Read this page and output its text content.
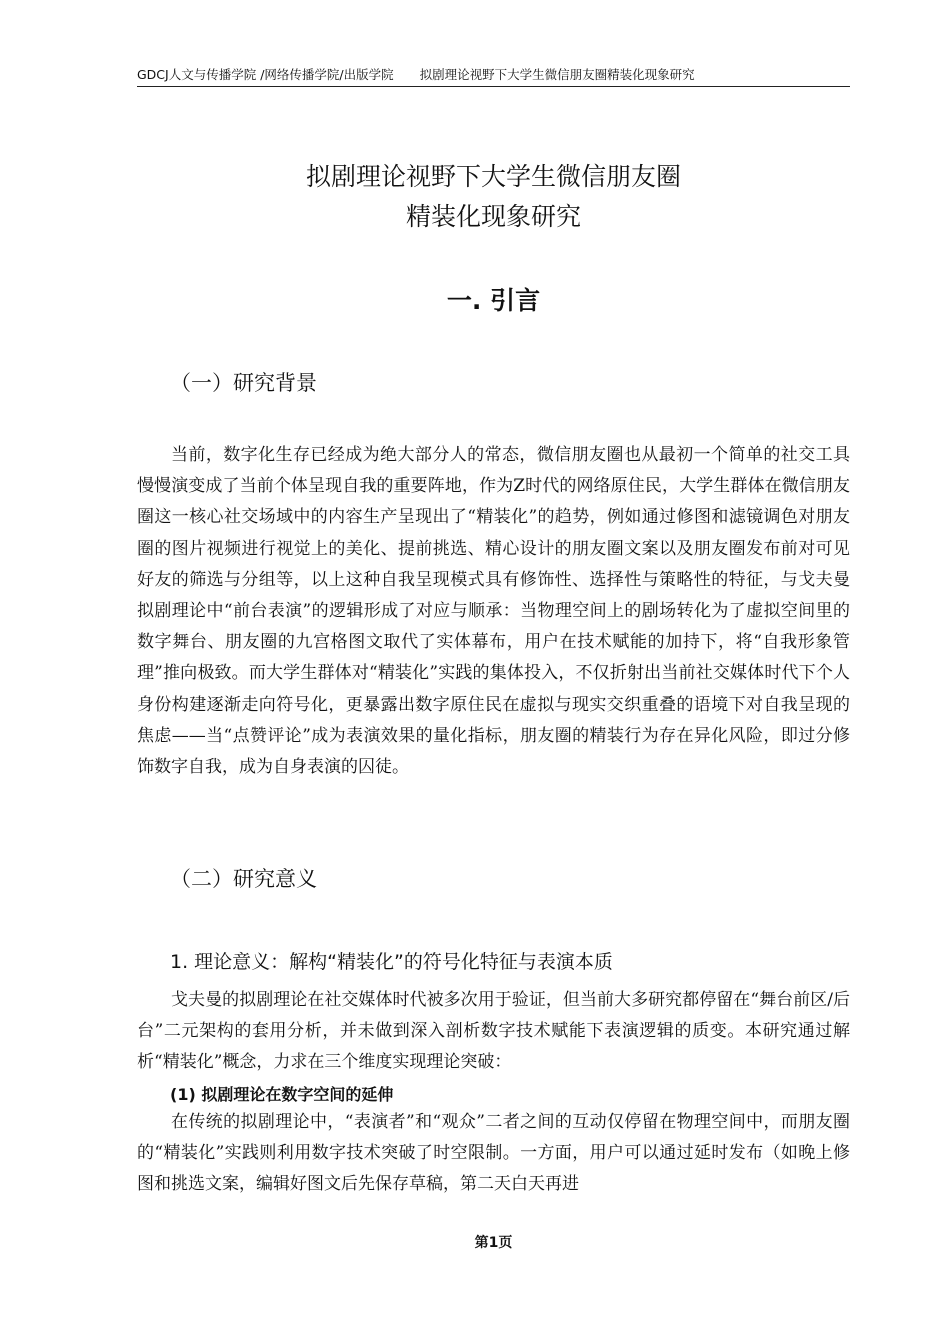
GDCJ人文与传播学院 /网络传播学院/出版学院 拟剧理论视野下大学生微信朋友圈精装化现象研究
拟剧理论视野下大学生微信朋友圈
精装化现象研究
一. 引言
（一）研究背景

当前，数字化生存已经成为绝大部分人的常态，微信朋友圈也从最初一个简单的社交工具慢慢演变成了当前个体呈现自我的重要阵地，作为Z时代的网络原住民，大学生群体在微信朋友圈这一核心社交场域中的内容生产呈现出了“精装化”的趋势，例如通过修图和滤镜调色对朋友圈的图片视频进行视觉上的美化、提前挑选、精心设计的朋友圈文案以及朋友圈发布前对可见好友的筛选与分组等，以上这种自我呈现模式具有修饰性、选择性与策略性的特征，与戈夫曼拟剧理论中“前台表演”的逻辑形成了对应与顺承：当物理空间上的剧场转化为了虚拟空间里的数字舞台、朋友圈的九宫格图文取代了实体幕布，用户在技术赋能的加持下，将“自我形象管理”推向极致。而大学生群体对“精装化”实践的集体投入，不仅折射出当前社交媒体时代下个人身份构建逐渐走向符号化，更暴露出数字原住民在虚拟与现实交织重叠的语境下对自我呈现的焦虑——当“点赞评论”成为表演效果的量化指标，朋友圈的精装行为存在异化风险，即过分修饰数字自我，成为自身表演的囚徒。

（二）研究意义
1. 理论意义：解构“精装化”的符号化特征与表演本质

戈夫曼的拟剧理论在社交媒体时代被多次用于验证，但当前大多研究都停留在“舞台前区/后台”二元架构的套用分析，并未做到深入剖析数字技术赋能下表演逻辑的质变。本研究通过解析“精装化”概念，力求在三个维度实现理论突破：

(1) 拟剧理论在数字空间的延伸

在传统的拟剧理论中，“表演者”和“观众”二者之间的互动仅停留在物理空间中，而朋友圈的“精装化”实践则利用数字技术突破了时空限制。一方面，用户可以通过延时发布（如晚上修图和挑选文案，编辑好图文后先保存草稿，第二天白天再进

第1页
